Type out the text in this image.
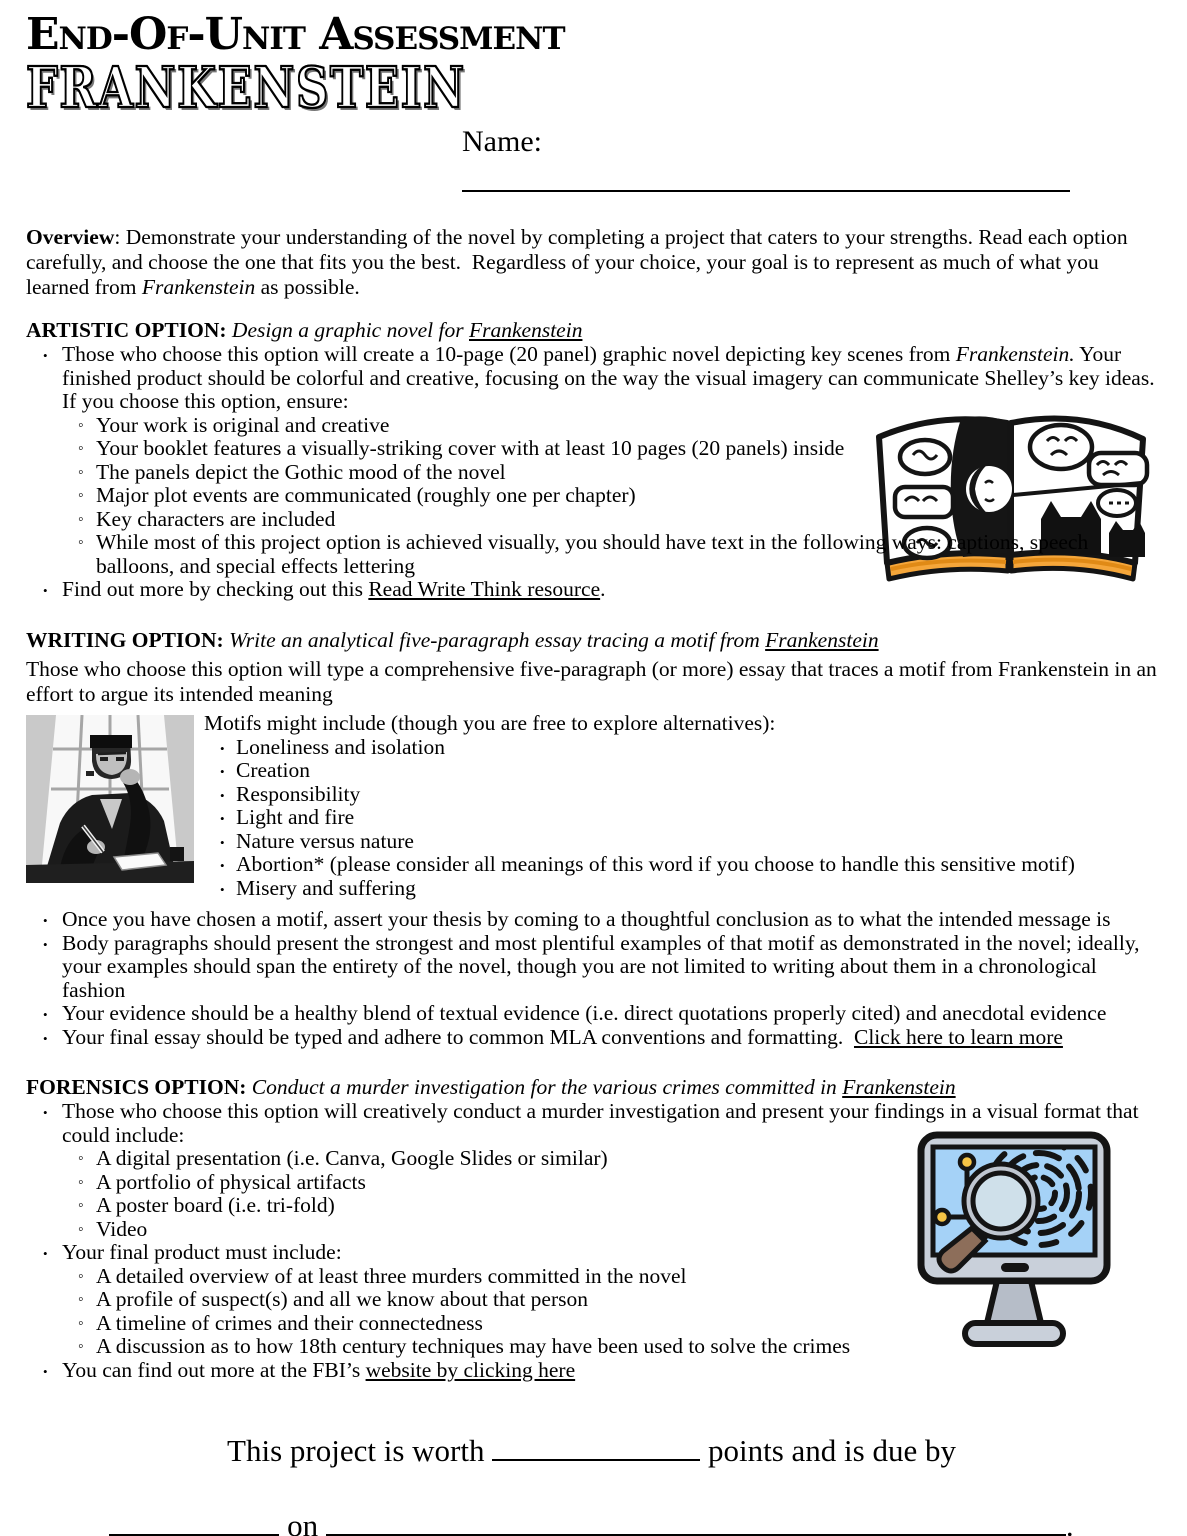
End-Of-Unit Assessment
FRANKENSTEIN
Name:

Overview: Demonstrate your understanding of the novel by completing a project that caters to your strengths. Read each option carefully, and choose the one that fits you the best.  Regardless of your choice, your goal is to represent as much of what you learned from Frankenstein as possible.

ARTISTIC OPTION: Design a graphic novel for Frankenstein
• Those who choose this option will create a 10-page (20 panel) graphic novel depicting key scenes from Frankenstein. Your finished product should be colorful and creative, focusing on the way the visual imagery can communicate Shelley’s key ideas.  If you choose this option, ensure:
◦ Your work is original and creative
◦ Your booklet features a visually-striking cover with at least 10 pages (20 panels) inside
◦ The panels depict the Gothic mood of the novel
◦ Major plot events are communicated (roughly one per chapter)
◦ Key characters are included
◦ While most of this project option is achieved visually, you should have text in the following ways: captions, speech balloons, and special effects lettering
• Find out more by checking out this Read Write Think resource.
WRITING OPTION: Write an analytical five-paragraph essay tracing a motif from Frankenstein

Those who choose this option will type a comprehensive five-paragraph (or more) essay that traces a motif from Frankenstein in an effort to argue its intended meaning

Motifs might include (though you are free to explore alternatives):
• Loneliness and isolation
• Creation
• Responsibility
• Light and fire
• Nature versus nature
• Abortion* (please consider all meanings of this word if you choose to handle this sensitive motif)
• Misery and suffering
• Once you have chosen a motif, assert your thesis by coming to a thoughtful conclusion as to what the intended message is
• Body paragraphs should present the strongest and most plentiful examples of that motif as demonstrated in the novel; ideally, your examples should span the entirety of the novel, though you are not limited to writing about them in a chronological fashion
• Your evidence should be a healthy blend of textual evidence (i.e. direct quotations properly cited) and anecdotal evidence
• Your final essay should be typed and adhere to common MLA conventions and formatting.  Click here to learn more
FORENSICS OPTION: Conduct a murder investigation for the various crimes committed in Frankenstein
• Those who choose this option will creatively conduct a murder investigation and present your findings in a visual format that could include:
◦ A digital presentation (i.e. Canva, Google Slides or similar)
◦ A portfolio of physical artifacts
◦ A poster board (i.e. tri-fold)
◦ Video
• Your final product must include:
◦ A detailed overview of at least three murders committed in the novel
◦ A profile of suspect(s) and all we know about that person
◦ A timeline of crimes and their connectedness
◦ A discussion as to how 18th century techniques may have been used to solve the crimes
• You can find out more at the FBI’s website by clicking here
This project is worth	points and is due by
on	.
